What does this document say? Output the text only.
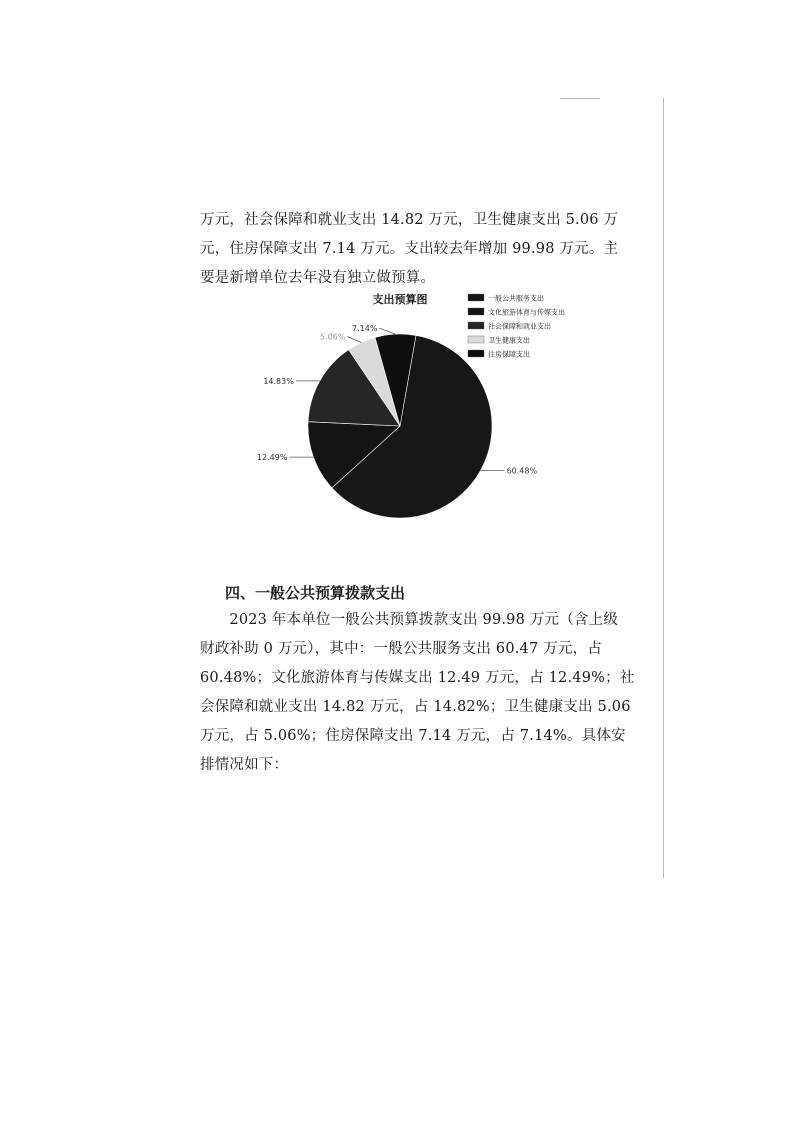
万元，社会保障和就业支出 14.82 万元，卫生健康支出 5.06 万
元，住房保障支出 7.14 万元。支出较去年增加 99.98 万元。主
要是新增单位去年没有独立做预算。
支出预算图
60.48%
12.49%
14.83%
5.06%
7.14%
一般公共服务支出
文化旅游体育与传媒支出
社会保障和就业支出
卫生健康支出
住房保障支出

四、一般公共预算拨款支出

　　2023 年本单位一般公共预算拨款支出 99.98 万元（含上级
财政补助 0 万元），其中：一般公共服务支出 60.47 万元，占
60.48%；文化旅游体育与传媒支出 12.49 万元，占 12.49%；社
会保障和就业支出 14.82 万元，占 14.82%；卫生健康支出 5.06
万元，占 5.06%；住房保障支出 7.14 万元，占 7.14%。具体安
排情况如下：
